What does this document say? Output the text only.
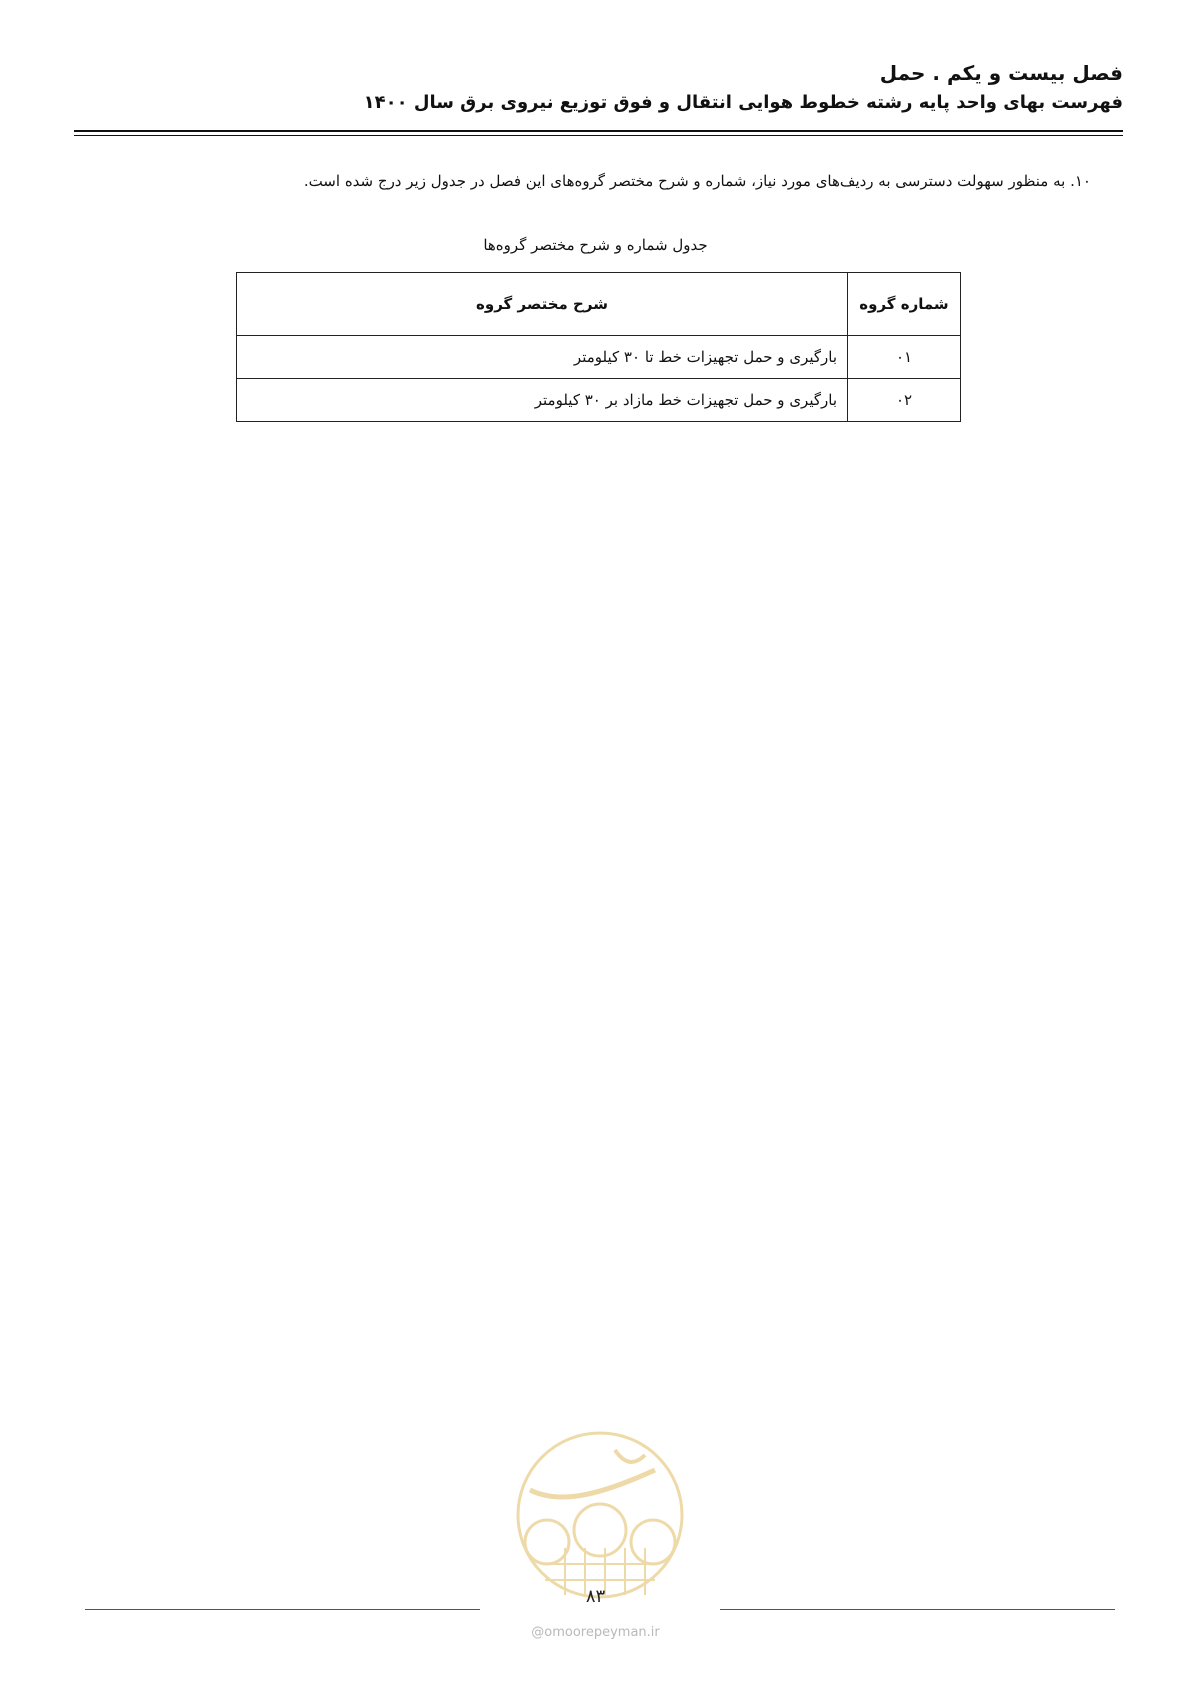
فصل بیست و یکم . حمل
فهرست بهای واحد پایه رشته خطوط هوایی انتقال و فوق توزیع نیروی برق سال ۱۴۰۰
۱۰. به منظور سهولت دسترسی به ردیف‌های مورد نیاز، شماره و شرح مختصر گروه‌های این فصل در جدول زیر درج شده است.
جدول شماره و شرح مختصر گروه‌ها
شماره گروه	شرح مختصر گروه
۰۱	بارگیری و حمل تجهیزات خط تا ۳۰ کیلومتر
۰۲	بارگیری و حمل تجهیزات خط مازاد بر ۳۰ کیلومتر
۸۳
@omoorepeyman.ir
